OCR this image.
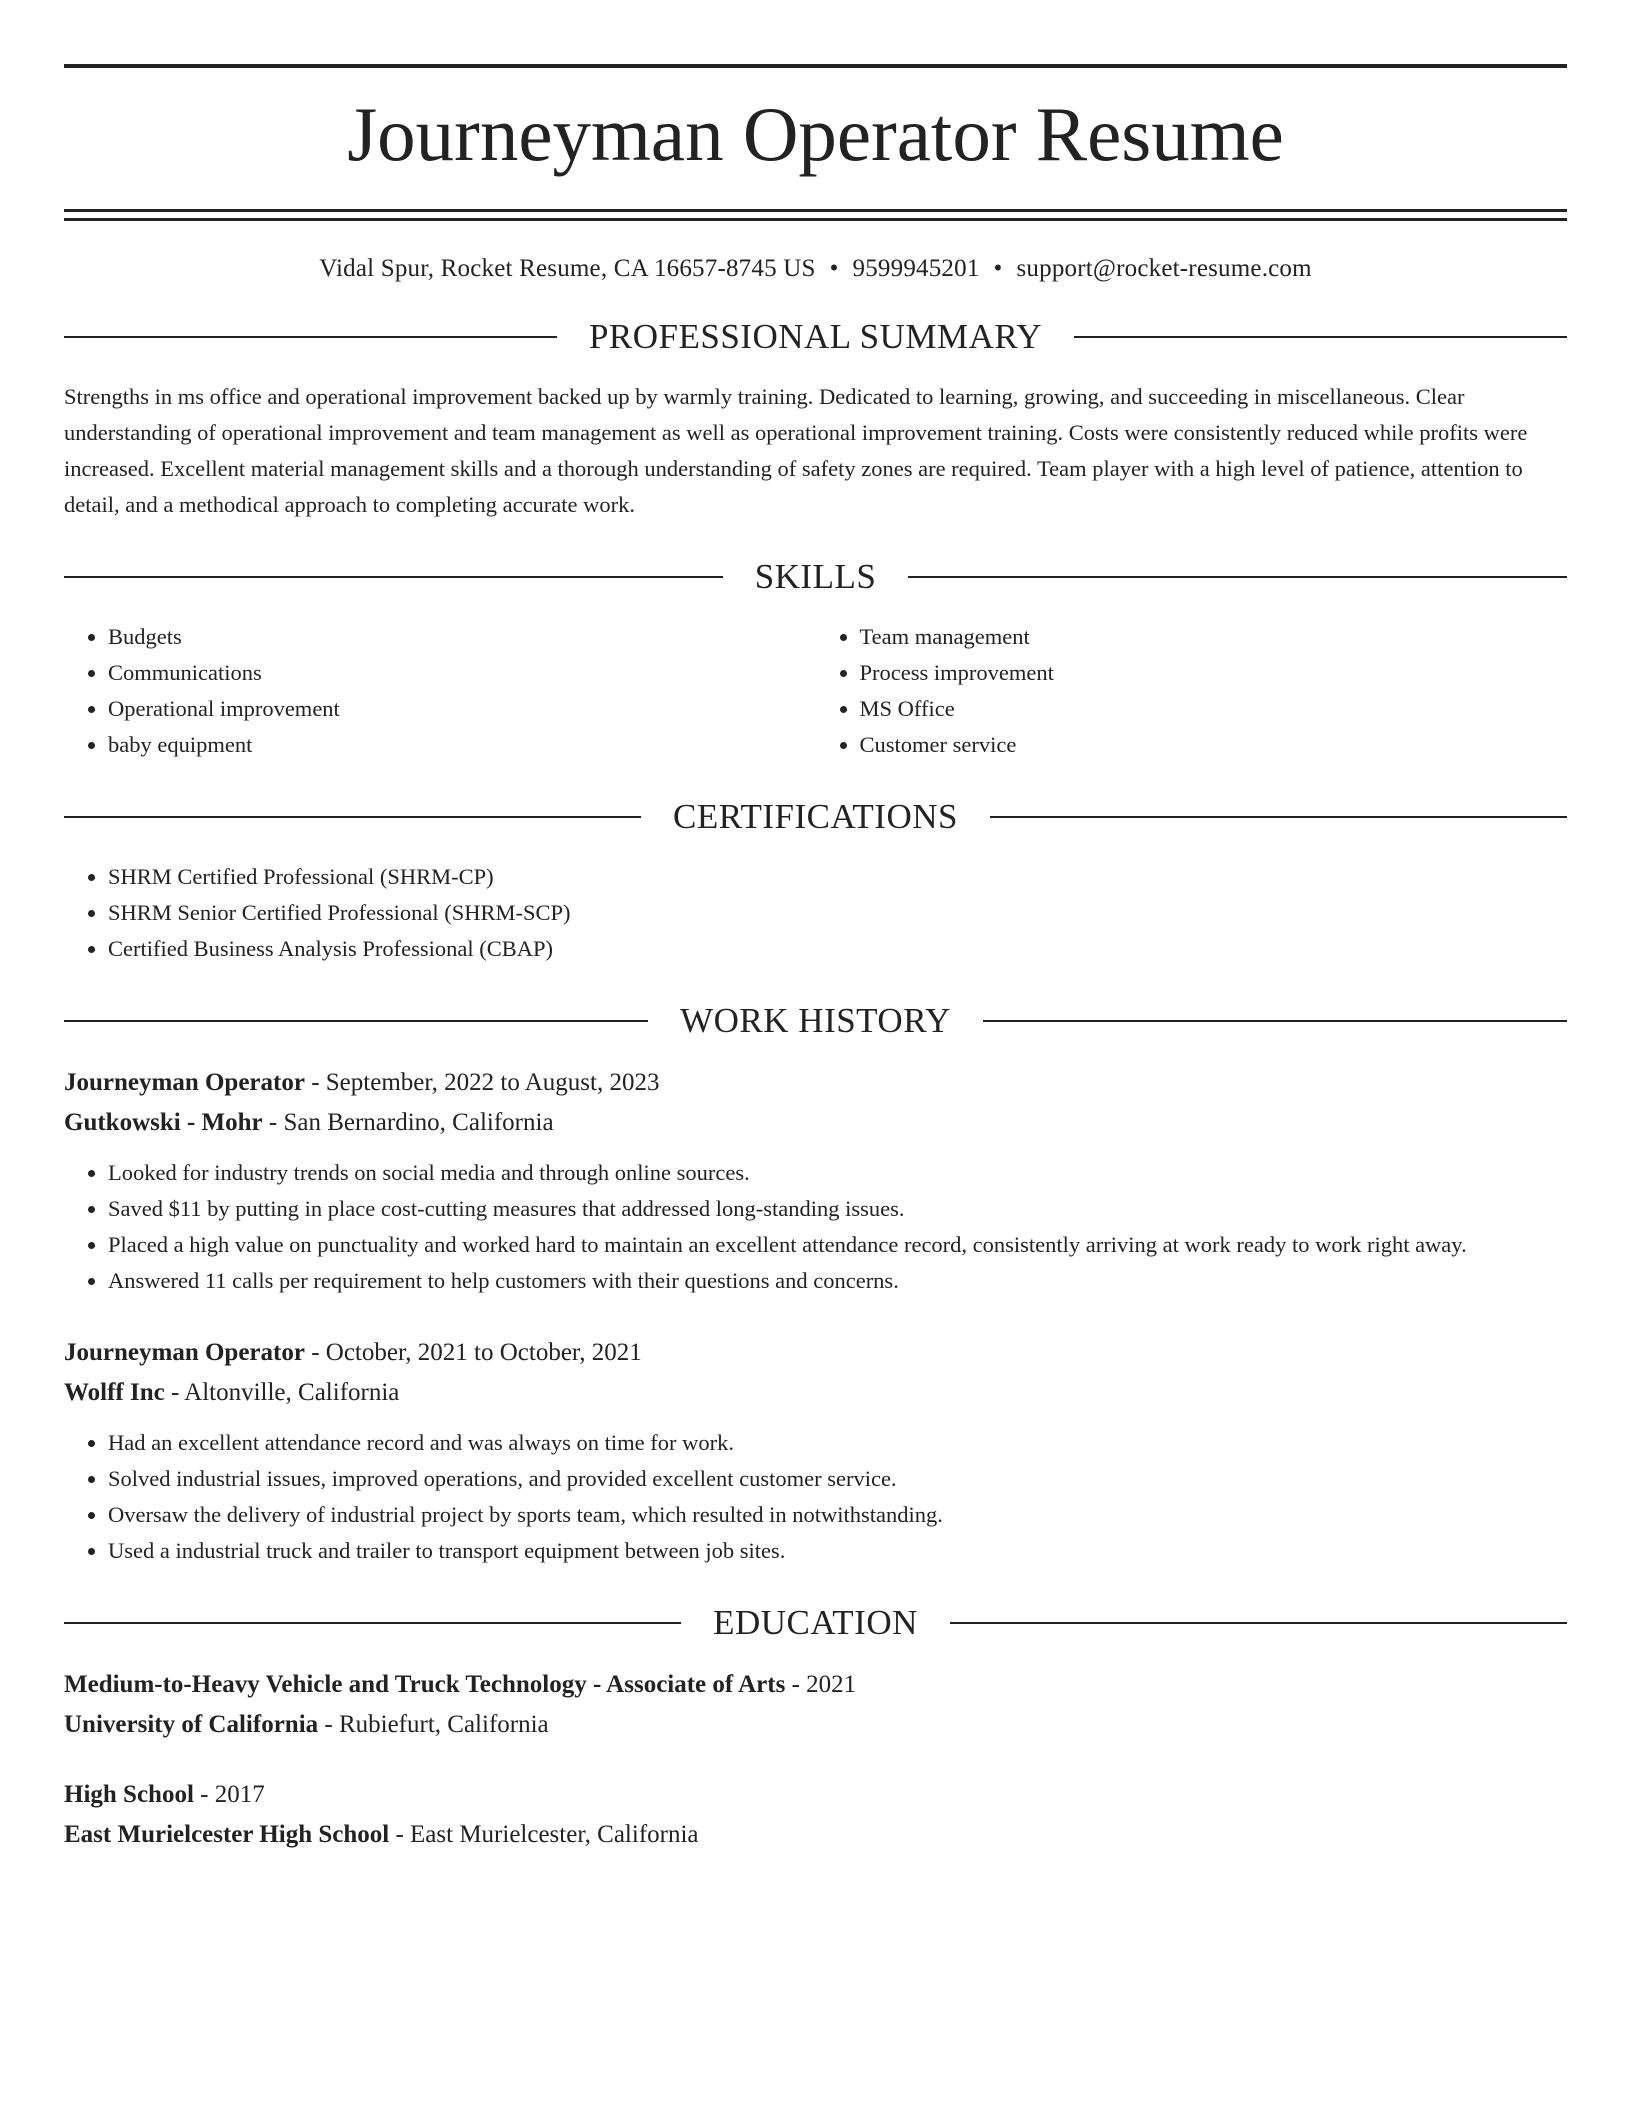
Journeyman Operator Resume
Vidal Spur, Rocket Resume, CA 16657-8745 US • 9599945201 • support@rocket-resume.com
PROFESSIONAL SUMMARY

Strengths in ms office and operational improvement backed up by warmly training. Dedicated to learning, growing, and succeeding in miscellaneous. Clear understanding of operational improvement and team management as well as operational improvement training. Costs were consistently reduced while profits were increased. Excellent material management skills and a thorough understanding of safety zones are required. Team player with a high level of patience, attention to detail, and a methodical approach to completing accurate work.

SKILLS
• Budgets
• Communications
• Operational improvement
• baby equipment
• Team management
• Process improvement
• MS Office
• Customer service
CERTIFICATIONS
• SHRM Certified Professional (SHRM-CP)
• SHRM Senior Certified Professional (SHRM-SCP)
• Certified Business Analysis Professional (CBAP)
WORK HISTORY
Journeyman Operator - September, 2022 to August, 2023
Gutkowski - Mohr - San Bernardino, California
• Looked for industry trends on social media and through online sources.
• Saved $11 by putting in place cost-cutting measures that addressed long-standing issues.
• Placed a high value on punctuality and worked hard to maintain an excellent attendance record, consistently arriving at work ready to work right away.
• Answered 11 calls per requirement to help customers with their questions and concerns.
Journeyman Operator - October, 2021 to October, 2021
Wolff Inc - Altonville, California
• Had an excellent attendance record and was always on time for work.
• Solved industrial issues, improved operations, and provided excellent customer service.
• Oversaw the delivery of industrial project by sports team, which resulted in notwithstanding.
• Used a industrial truck and trailer to transport equipment between job sites.
EDUCATION
Medium-to-Heavy Vehicle and Truck Technology - Associate of Arts - 2021
University of California - Rubiefurt, California
High School - 2017
East Murielcester High School - East Murielcester, California
